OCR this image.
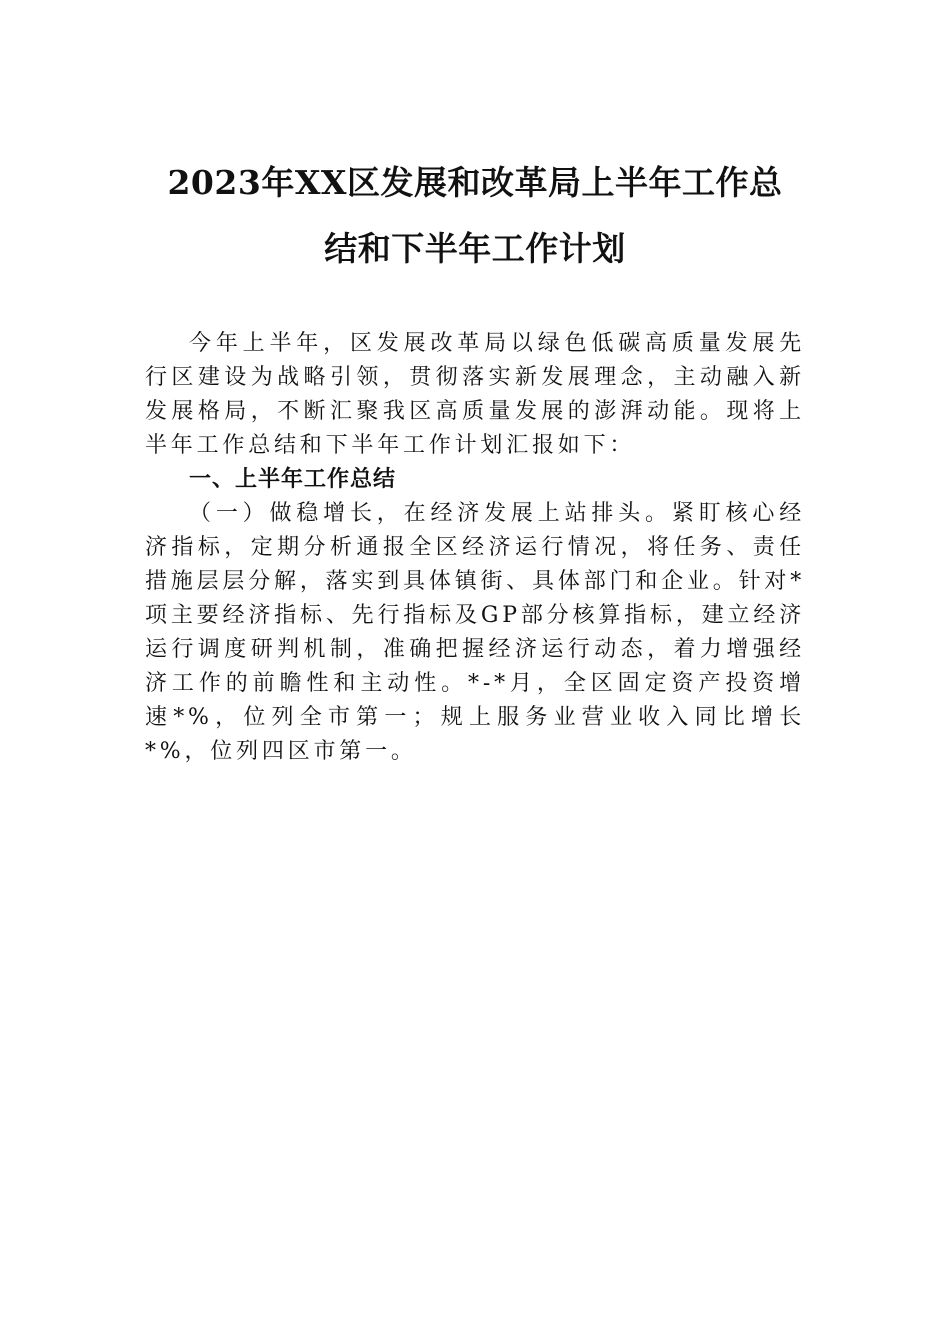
2023年XX区发展和改革局上半年工作总
结和下半年工作计划

今年上半年，区发展改革局以绿色低碳高质量发展先行区建设为战略引领，贯彻落实新发展理念，主动融入新发展格局，不断汇聚我区高质量发展的澎湃动能。现将上半年工作总结和下半年工作计划汇报如下：

一、上半年工作总结

（一）做稳增长，在经济发展上站排头。紧盯核心经济指标，定期分析通报全区经济运行情况，将任务、责任措施层层分解，落实到具体镇街、具体部门和企业。针对*项主要经济指标、先行指标及GP部分核算指标，建立经济运行调度研判机制，准确把握经济运行动态，着力增强经济工作的前瞻性和主动性。*-*月，全区固定资产投资增速*%，位列全市第一；规上服务业营业收入同比增长*%，位列四区市第一。
